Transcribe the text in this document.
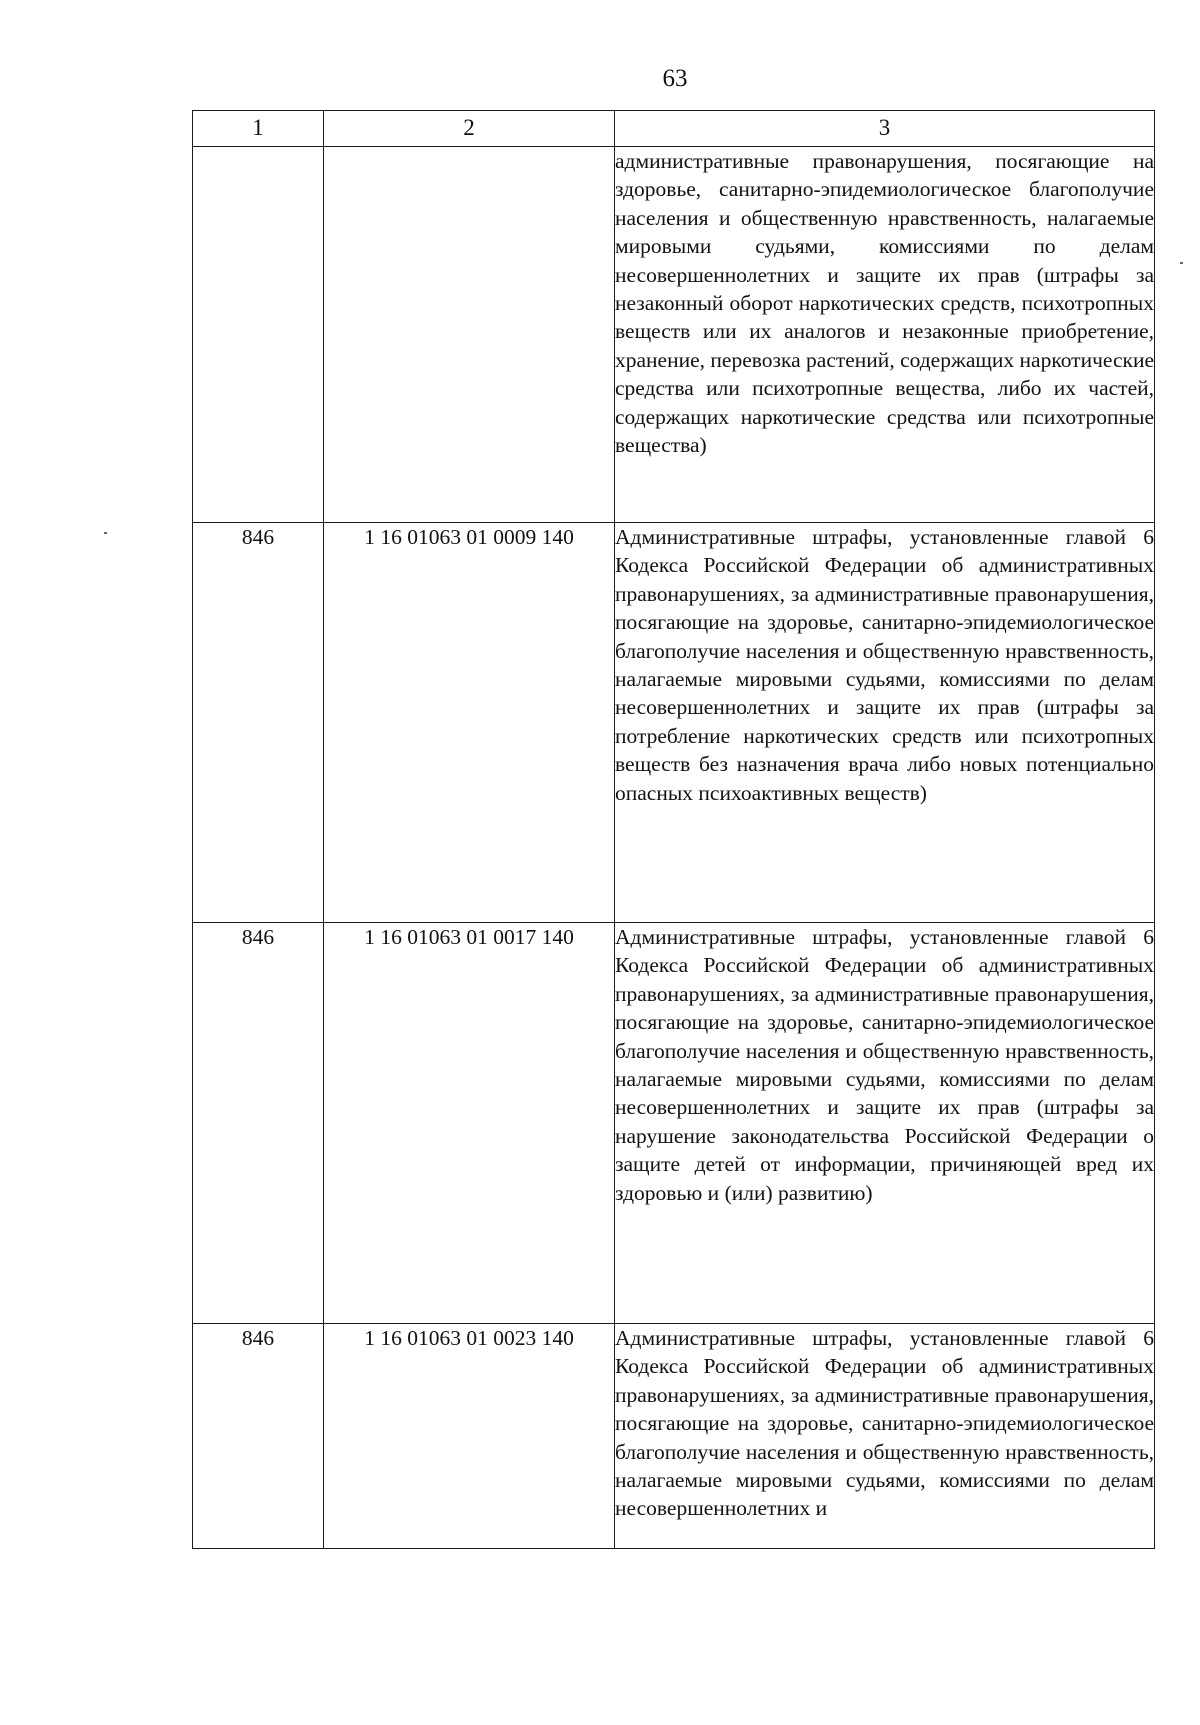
63
1	2	3

		административные правонарушения, посягающие на здоровье, санитарно-эпидемиологическое благополучие населения и общественную нравственность, налагаемые мировыми судьями, комиссиями по делам несовершеннолетних и защите их прав (штрафы за незаконный оборот наркотических средств, психотропных веществ или их аналогов и незаконные приобретение, хранение, перевозка растений, содержащих наркотические средства или психотропные вещества, либо их частей, содержащих наркотические средства или психотропные вещества)

846	1 16 01063 01 0009 140	Административные штрафы, установленные главой 6 Кодекса Российской Федерации об административных правонарушениях, за административные правонарушения, посягающие на здоровье, санитарно-эпидемиологическое благополучие населения и общественную нравственность, налагаемые мировыми судьями, комиссиями по делам несовершеннолетних и защите их прав (штрафы за потребление наркотических средств или психотропных веществ без назначения врача либо новых потенциально опасных психоактивных веществ)

846	1 16 01063 01 0017 140	Административные штрафы, установленные главой 6 Кодекса Российской Федерации об административных правонарушениях, за административные правонарушения, посягающие на здоровье, санитарно-эпидемиологическое благополучие населения и общественную нравственность, налагаемые мировыми судьями, комиссиями по делам несовершеннолетних и защите их прав (штрафы за нарушение законодательства Российской Федерации о защите детей от информации, причиняющей вред их здоровью и (или) развитию)

846	1 16 01063 01 0023 140	Административные штрафы, установленные главой 6 Кодекса Российской Федерации об административных правонарушениях, за административные правонарушения, посягающие на здоровье, санитарно-эпидемиологическое благополучие населения и общественную нравственность, налагаемые мировыми судьями, комиссиями по делам несовершеннолетних и
